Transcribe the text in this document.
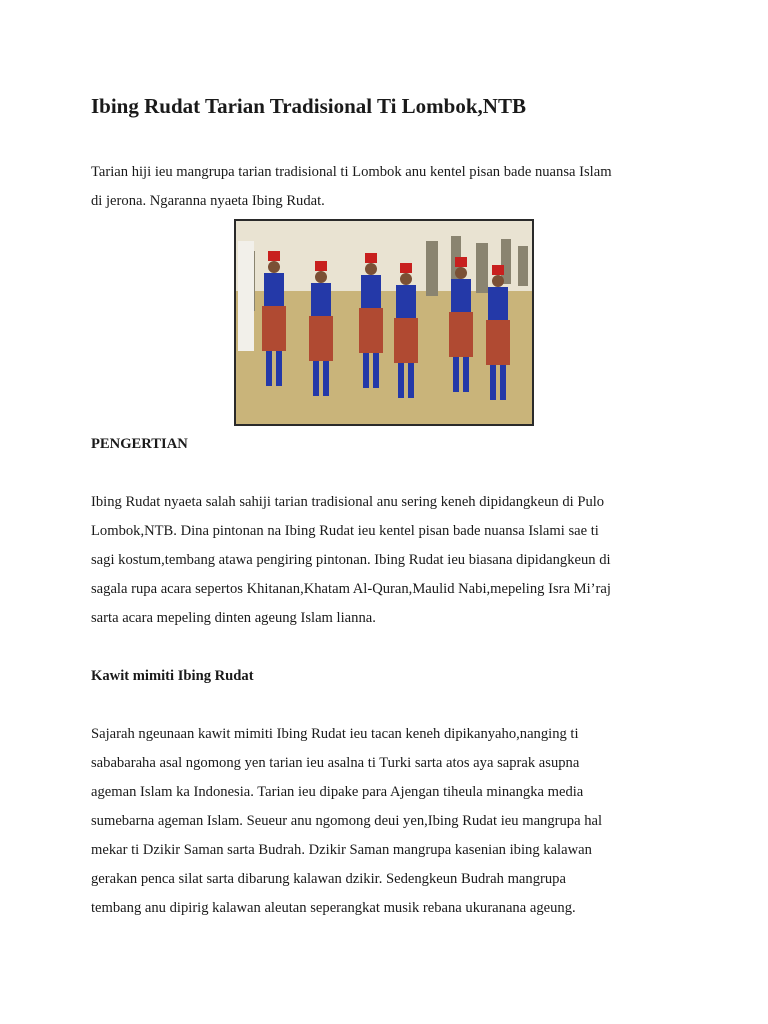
Ibing Rudat Tarian Tradisional Ti Lombok,NTB

Tarian hiji ieu mangrupa tarian tradisional ti Lombok anu kentel pisan bade nuansa Islam
di jerona. Ngaranna nyaeta Ibing Rudat.

PENGERTIAN

Ibing Rudat nyaeta salah sahiji tarian tradisional anu sering keneh dipidangkeun di Pulo
Lombok,NTB. Dina pintonan na Ibing Rudat ieu kentel pisan bade nuansa Islami sae ti
sagi kostum,tembang atawa pengiring pintonan. Ibing Rudat ieu biasana dipidangkeun di
sagala rupa acara sepertos Khitanan,Khatam Al-Quran,Maulid Nabi,mepeling Isra Mi’raj
sarta acara mepeling dinten ageung Islam lianna.

Kawit mimiti Ibing Rudat

Sajarah ngeunaan kawit mimiti Ibing Rudat ieu tacan keneh dipikanyaho,nanging ti
sababaraha asal ngomong yen tarian ieu asalna ti Turki sarta atos aya saprak asupna
ageman Islam ka Indonesia. Tarian ieu dipake para Ajengan tiheula minangka media
sumebarna ageman Islam. Seueur anu ngomong deui yen,Ibing Rudat ieu mangrupa hal
mekar ti Dzikir Saman sarta Budrah. Dzikir Saman mangrupa kasenian ibing kalawan
gerakan penca silat sarta dibarung kalawan dzikir. Sedengkeun Budrah mangrupa
tembang anu dipirig kalawan aleutan seperangkat musik rebana ukuranana ageung.
